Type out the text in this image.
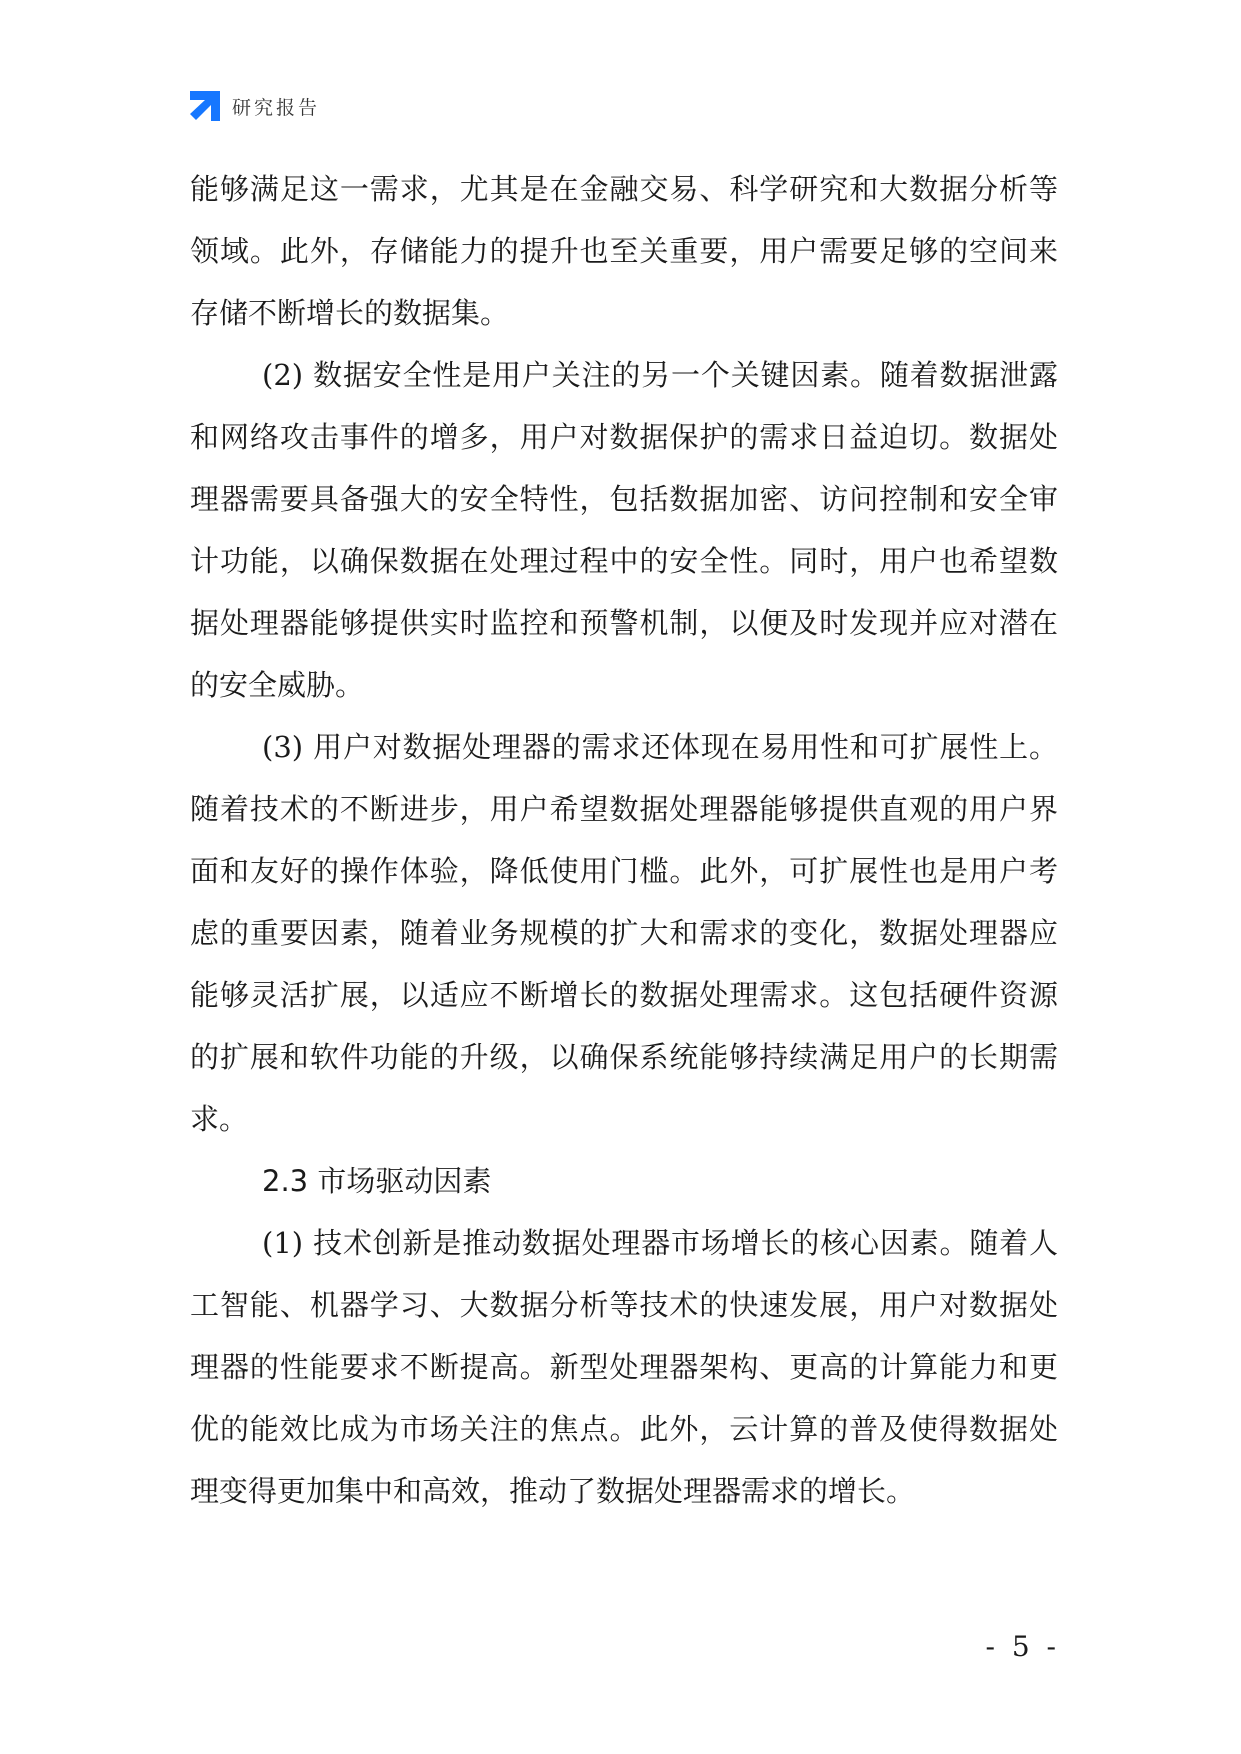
研究报告

能够满足这一需求，尤其是在金融交易、科学研究和大数据分析等领域。此外，存储能力的提升也至关重要，用户需要足够的空间来存储不断增长的数据集。

(2) 数据安全性是用户关注的另一个关键因素。随着数据泄露和网络攻击事件的增多，用户对数据保护的需求日益迫切。数据处理器需要具备强大的安全特性，包括数据加密、访问控制和安全审计功能，以确保数据在处理过程中的安全性。同时，用户也希望数据处理器能够提供实时监控和预警机制，以便及时发现并应对潜在的安全威胁。

(3) 用户对数据处理器的需求还体现在易用性和可扩展性上。随着技术的不断进步，用户希望数据处理器能够提供直观的用户界面和友好的操作体验，降低使用门槛。此外，可扩展性也是用户考虑的重要因素，随着业务规模的扩大和需求的变化，数据处理器应能够灵活扩展，以适应不断增长的数据处理需求。这包括硬件资源的扩展和软件功能的升级，以确保系统能够持续满足用户的长期需求。

2.3 市场驱动因素

(1) 技术创新是推动数据处理器市场增长的核心因素。随着人工智能、机器学习、大数据分析等技术的快速发展，用户对数据处理器的性能要求不断提高。新型处理器架构、更高的计算能力和更优的能效比成为市场关注的焦点。此外，云计算的普及使得数据处理变得更加集中和高效，推动了数据处理器需求的增长。

- 5 -
